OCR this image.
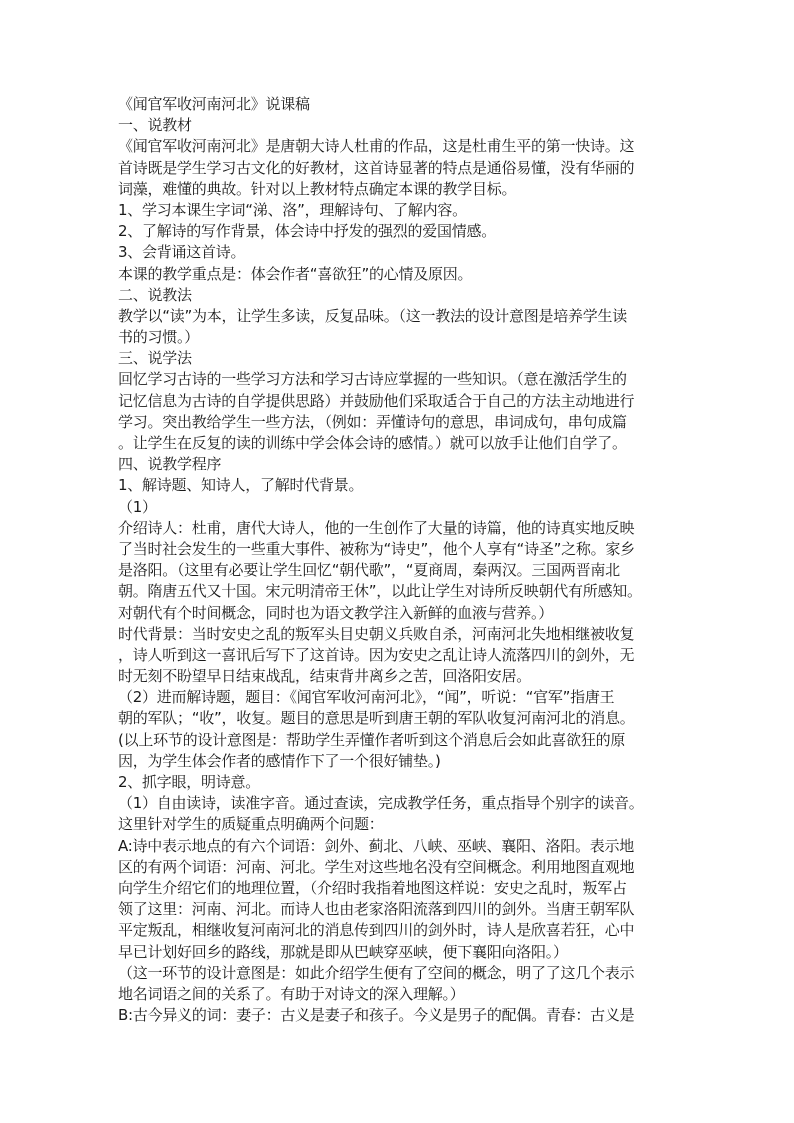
《闻官军收河南河北》说课稿
一、说教材
《闻官军收河南河北》是唐朝大诗人杜甫的作品，这是杜甫生平的第一快诗。这
首诗既是学生学习古文化的好教材，这首诗显著的特点是通俗易懂，没有华丽的
词藻，难懂的典故。针对以上教材特点确定本课的教学目标。
1、学习本课生字词“涕、洛”，理解诗句、了解内容。
2、了解诗的写作背景，体会诗中抒发的强烈的爱国情感。
3、会背诵这首诗。
本课的教学重点是：体会作者“喜欲狂”的心情及原因。
二、说教法
教学以“读”为本，让学生多读，反复品味。（这一教法的设计意图是培养学生读
书的习惯。）
三、说学法
回忆学习古诗的一些学习方法和学习古诗应掌握的一些知识。（意在激活学生的
记忆信息为古诗的自学提供思路）并鼓励他们采取适合于自己的方法主动地进行
学习。突出教给学生一些方法，（例如：弄懂诗句的意思，串词成句，串句成篇
。让学生在反复的读的训练中学会体会诗的感情。）就可以放手让他们自学了。
四、说教学程序
1、解诗题、知诗人，了解时代背景。
（1）
介绍诗人：杜甫，唐代大诗人，他的一生创作了大量的诗篇，他的诗真实地反映
了当时社会发生的一些重大事件、被称为“诗史”，他个人享有“诗圣”之称。家乡
是洛阳。（这里有必要让学生回忆“朝代歌”，“夏商周，秦两汉。三国两晋南北
朝。隋唐五代又十国。宋元明清帝王休”，以此让学生对诗所反映朝代有所感知。
对朝代有个时间概念，同时也为语文教学注入新鲜的血液与营养。）
时代背景：当时安史之乱的叛军头目史朝义兵败自杀，河南河北失地相继被收复
，诗人听到这一喜讯后写下了这首诗。因为安史之乱让诗人流落四川的剑外，无
时无刻不盼望早日结束战乱，结束背井离乡之苦，回洛阳安居。
（2）进而解诗题，题目：《闻官军收河南河北》，“闻”，听说：“官军”指唐王
朝的军队；“收”，收复。题目的意思是听到唐王朝的军队收复河南河北的消息。
(以上环节的设计意图是：帮助学生弄懂作者听到这个消息后会如此喜欲狂的原
因，为学生体会作者的感情作下了一个很好铺垫。)
2、抓字眼，明诗意。
（1）自由读诗，读准字音。通过查读，完成教学任务，重点指导个别字的读音。
这里针对学生的质疑重点明确两个问题：
A:诗中表示地点的有六个词语：剑外、蓟北、八峡、巫峡、襄阳、洛阳。表示地
区的有两个词语：河南、河北。学生对这些地名没有空间概念。利用地图直观地
向学生介绍它们的地理位置，（介绍时我指着地图这样说：安史之乱时，叛军占
领了这里：河南、河北。而诗人也由老家洛阳流落到四川的剑外。当唐王朝军队
平定叛乱，相继收复河南河北的消息传到四川的剑外时，诗人是欣喜若狂，心中
早已计划好回乡的路线，那就是即从巴峡穿巫峡，便下襄阳向洛阳。）
（这一环节的设计意图是：如此介绍学生便有了空间的概念，明了了这几个表示
地名词语之间的关系了。有助于对诗文的深入理解。）
B:古今异义的词：妻子：古义是妻子和孩子。今义是男子的配偶。青春：古义是
